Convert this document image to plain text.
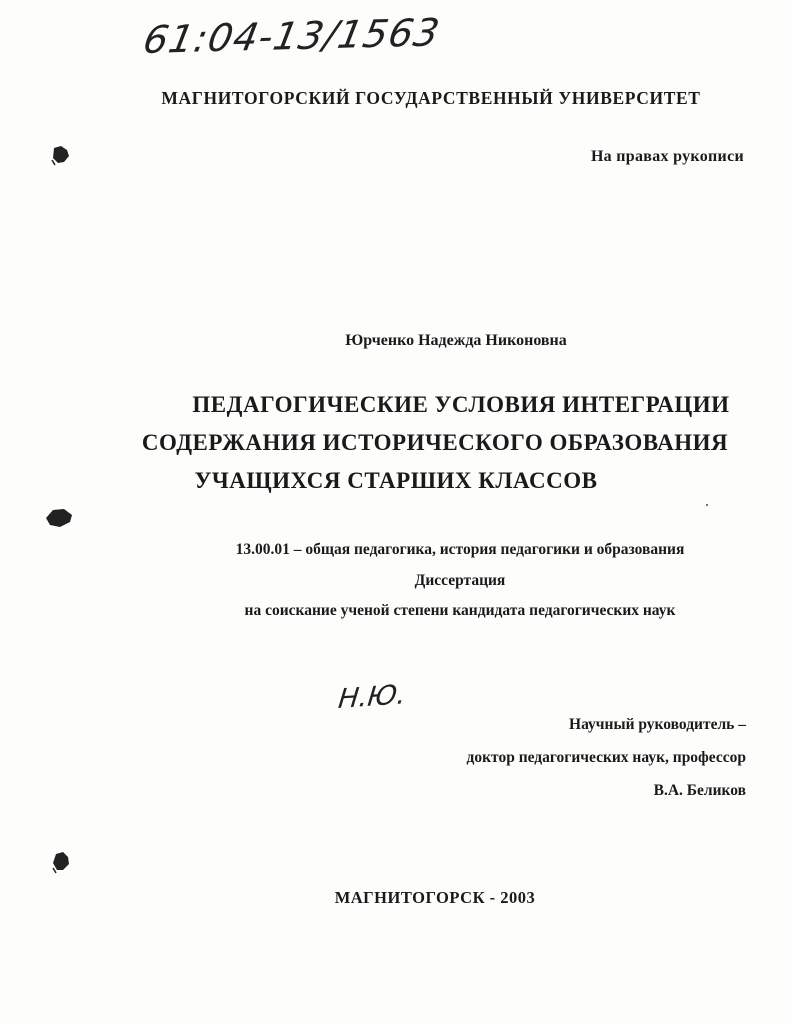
61:04-13/1563
МАГНИТОГОРСКИЙ ГОСУДАРСТВЕННЫЙ УНИВЕРСИТЕТ
На правах рукописи
Юрченко Надежда Никоновна
ПЕДАГОГИЧЕСКИЕ УСЛОВИЯ ИНТЕГРАЦИИ
СОДЕРЖАНИЯ ИСТОРИЧЕСКОГО ОБРАЗОВАНИЯ
УЧАЩИХСЯ СТАРШИХ КЛАССОВ
13.00.01 – общая педагогика, история педагогики и образования
Диссертация
на соискание ученой степени кандидата педагогических наук
Н.Ю.
Научный руководитель –
доктор педагогических наук, профессор
В.А. Беликов
МАГНИТОГОРСК - 2003
